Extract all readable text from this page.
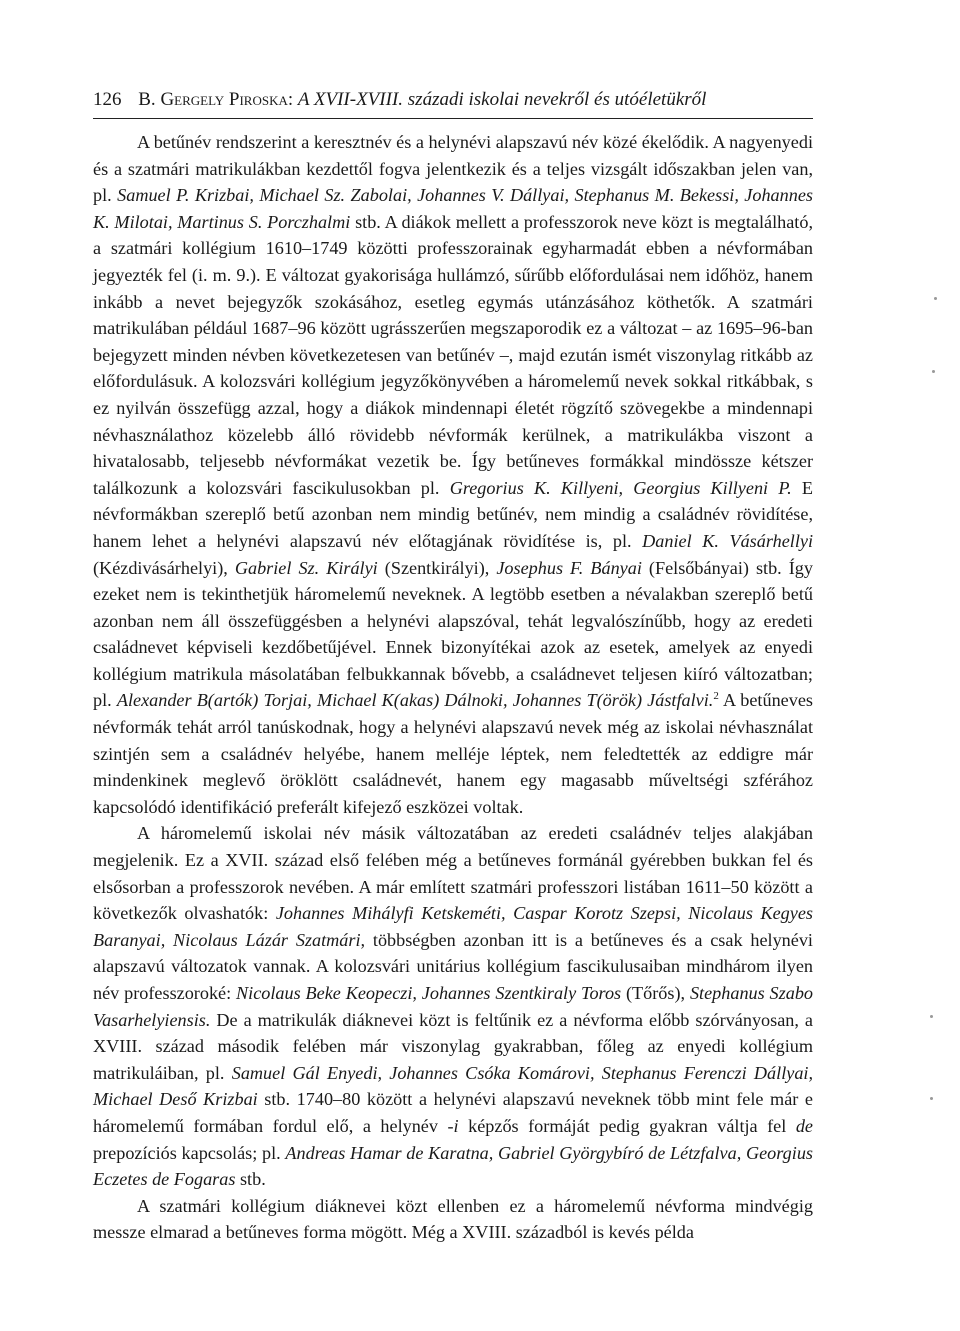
126 B. Gergely Piroska: A XVII-XVIII. századi iskolai nevekről és utóéletükről

A betűnév rendszerint a keresztnév és a helynévi alapszavú név közé ékelődik. A nagyenyedi és a szatmári matrikulákban kezdettől fogva jelentkezik és a teljes vizsgált időszakban jelen van, pl. Samuel P. Krizbai, Michael Sz. Zabolai, Johannes V. Dállyai, Stephanus M. Bekessi, Johannes K. Milotai, Martinus S. Porczhalmi stb. A diákok mellett a professzorok neve közt is megtalálható, a szatmári kollégium 1610–1749 közötti professzorainak egyharmadát ebben a névformában jegyezték fel (i. m. 9.). E változat gyakorisága hullámzó, sűrűbb előfordulásai nem időhöz, hanem inkább a nevet bejegyzők szokásához, esetleg egymás utánzásához köthetők. A szatmári matrikulában például 1687–96 között ugrásszerűen megszaporodik ez a változat – az 1695–96-ban bejegyzett minden névben következetesen van betűnév –, majd ezután ismét viszonylag ritkább az előfordulásuk. A kolozsvári kollégium jegyzőkönyvében a háromelemű nevek sokkal ritkábbak, s ez nyilván összefügg azzal, hogy a diákok mindennapi életét rögzítő szövegekbe a mindennapi névhasználathoz közelebb álló rövidebb névformák kerülnek, a matrikulákba viszont a hivatalosabb, teljesebb névformákat vezetik be. Így betűneves formákkal mindössze kétszer találkozunk a kolozsvári fascikulusokban pl. Gregorius K. Killyeni, Georgius Killyeni P. E névformákban szereplő betű azonban nem mindig betűnév, nem mindig a családnév rövidítése, hanem lehet a helynévi alapszavú név előtagjának rövidítése is, pl. Daniel K. Vásárhellyi (Kézdivásárhelyi), Gabriel Sz. Királyi (Szentkirályi), Josephus F. Bányai (Felsőbányai) stb. Így ezeket nem is tekinthetjük háromelemű neveknek. A legtöbb esetben a névalakban szereplő betű azonban nem áll összefüggésben a helynévi alapszóval, tehát legvalószínűbb, hogy az eredeti családnevet képviseli kezdőbetűjével. Ennek bizonyítékai azok az esetek, amelyek az enyedi kollégium matrikula másolatában felbukkannak bővebb, a családnevet teljesen kiíró változatban; pl. Alexander B(artók) Torjai, Michael K(akas) Dálnoki, Johannes T(örök) Jástfalvi.$^2$ A betűneves névformák tehát arról tanúskodnak, hogy a helynévi alapszavú nevek még az iskolai névhasználat szintjén sem a családnév helyébe, hanem melléje léptek, nem feledtették az eddigre már mindenkinek meglevő öröklött családnevét, hanem egy magasabb műveltségi szférához kapcsolódó identifikáció preferált kifejező eszközei voltak.

A háromelemű iskolai név másik változatában az eredeti családnév teljes alakjában megjelenik. Ez a XVII. század első felében még a betűneves formánál gyérebben bukkan fel és elsősorban a professzorok nevében. A már említett szatmári professzori listában 1611–50 között a következők olvashatók: Johannes Mihályfi Ketskeméti, Caspar Korotz Szepsi, Nicolaus Kegyes Baranyai, Nicolaus Lázár Szatmári, többségben azonban itt is a betűneves és a csak helynévi alapszavú változatok vannak. A kolozsvári unitárius kollégium fascikulusaiban mindhárom ilyen név professzoroké: Nicolaus Beke Keopeczi, Johannes Szentkiraly Toros (Tőrős), Stephanus Szabo Vasarhelyiensis. De a matrikulák diáknevei közt is feltűnik ez a névforma előbb szórványosan, a XVIII. század második felében már viszonylag gyakrabban, főleg az enyedi kollégium matrikuláiban, pl. Samuel Gál Enyedi, Johannes Csóka Komárovi, Stephanus Ferenczi Dállyai, Michael Deső Krizbai stb. 1740–80 között a helynévi alapszavú neveknek több mint fele már e háromelemű formában fordul elő, a helynév -i képzős formáját pedig gyakran váltja fel de prepozíciós kapcsolás; pl. Andreas Hamar de Karatna, Gabriel Györgybíró de Létzfalva, Georgius Eczetes de Fogaras stb.

A szatmári kollégium diáknevei közt ellenben ez a háromelemű névforma mindvégig messze elmarad a betűneves forma mögött. Még a XVIII. századból is kevés példa
